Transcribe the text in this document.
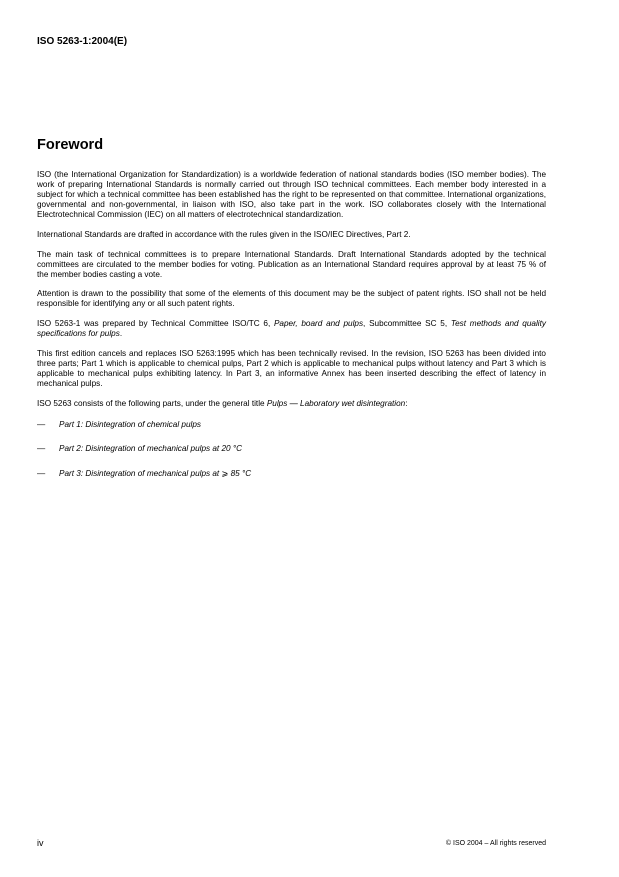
ISO 5263-1:2004(E)
Foreword

ISO (the International Organization for Standardization) is a worldwide federation of national standards bodies (ISO member bodies). The work of preparing International Standards is normally carried out through ISO technical committees. Each member body interested in a subject for which a technical committee has been established has the right to be represented on that committee. International organizations, governmental and non-governmental, in liaison with ISO, also take part in the work. ISO collaborates closely with the International Electrotechnical Commission (IEC) on all matters of electrotechnical standardization.

International Standards are drafted in accordance with the rules given in the ISO/IEC Directives, Part 2.

The main task of technical committees is to prepare International Standards. Draft International Standards adopted by the technical committees are circulated to the member bodies for voting. Publication as an International Standard requires approval by at least 75 % of the member bodies casting a vote.

Attention is drawn to the possibility that some of the elements of this document may be the subject of patent rights. ISO shall not be held responsible for identifying any or all such patent rights.

ISO 5263-1 was prepared by Technical Committee ISO/TC 6, Paper, board and pulps, Subcommittee SC 5, Test methods and quality specifications for pulps.

This first edition cancels and replaces ISO 5263:1995 which has been technically revised. In the revision, ISO 5263 has been divided into three parts; Part 1 which is applicable to chemical pulps, Part 2 which is applicable to mechanical pulps without latency and Part 3 which is applicable to mechanical pulps exhibiting latency. In Part 3, an informative Annex has been inserted describing the effect of latency in mechanical pulps.

ISO 5263 consists of the following parts, under the general title Pulps — Laboratory wet disintegration:

—	Part 1: Disintegration of chemical pulps
—	Part 2: Disintegration of mechanical pulps at 20 °C
—	Part 3: Disintegration of mechanical pulps at ⩾ 85 °C
iv	© ISO 2004 – All rights reserved
